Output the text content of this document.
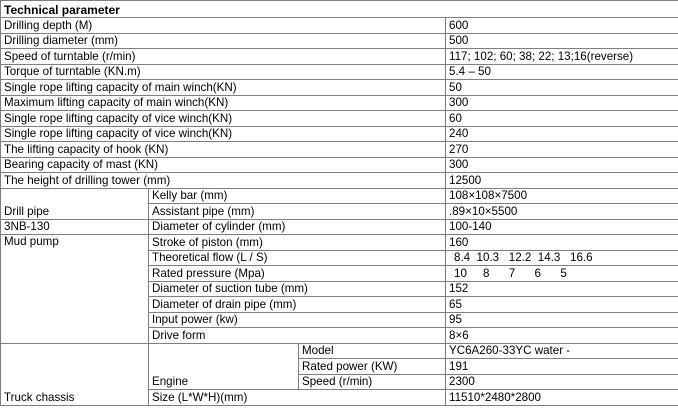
Technical parameter			
Drilling depth (M)			600
Drilling diameter (mm)			500
Speed of turntable (r/min)			117; 102; 60; 38; 22; 13;16(reverse)
Torque of turntable (KN.m)			5.4 – 50
Single rope lifting capacity of main winch(KN)			50
Maximum lifting capacity of main winch(KN)			300
Single rope lifting capacity of vice winch(KN)			60
Single rope lifting capacity of vice winch(KN)			240
The lifting capacity of hook (KN)			270
Bearing capacity of mast (KN)			300
The height of drilling tower (mm)			12500
Drill pipe	Kelly bar (mm)		108×108×7500
	Assistant pipe (mm)		.89×10×5500
3NB-130	Diameter of cylinder (mm)		100-140
Mud pump	Stroke of piston (mm)		160
	Theoretical flow (L / S)		8.4  10.3   12.2  14.3   16.6
	Rated pressure (Mpa)		10     8      7      6      5
	Diameter of suction tube (mm)		152
	Diameter of drain pipe (mm)		65
	Input power (kw)		95
	Drive form		8×6
Truck chassis	Engine	Model	YC6A260-33YC water -
		Rated power (KW)	191
		Speed (r/min)	2300
	Size (L*W*H)(mm)		11510*2480*2800
